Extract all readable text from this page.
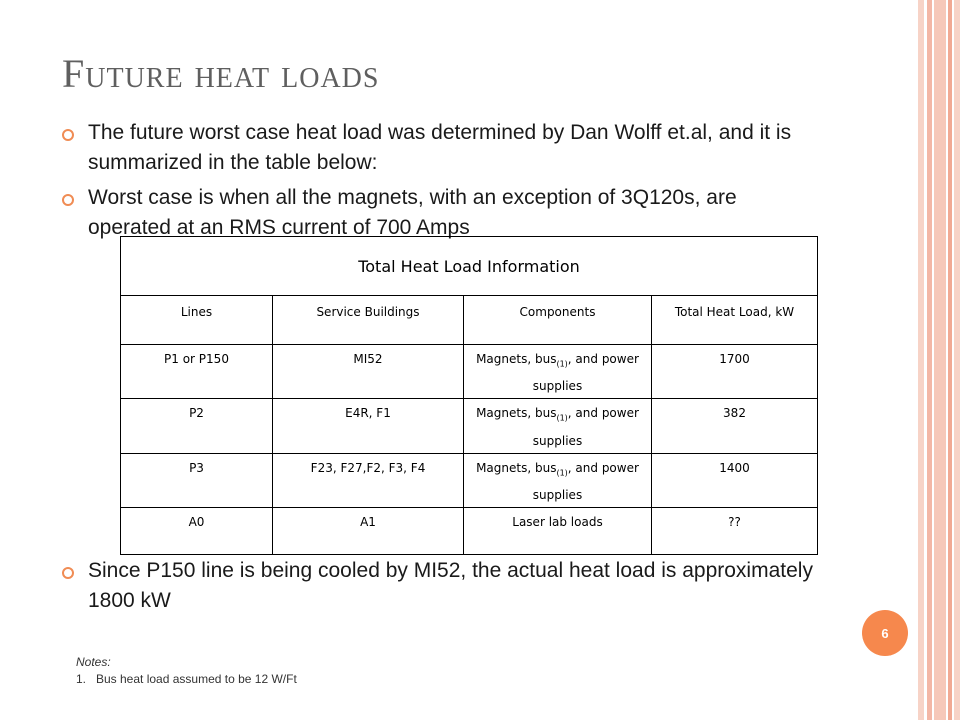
Future heat loads
The future worst case heat load was determined by Dan Wolff et.al, and it is summarized in the table below:
Worst case is when all the magnets, with an exception of 3Q120s, are operated at an RMS current of 700 Amps
Total Heat Load Information			
Lines	Service Buildings	Components	Total Heat Load, kW
P1 or P150	MI52	Magnets, bus$_{(1)}$, and power supplies	1700
P2	E4R, F1	Magnets, bus$_{(1)}$, and power supplies	382
P3	F23, F27,F2, F3, F4	Magnets, bus$_{(1)}$, and power supplies	1400
A0	A1	Laser lab loads	??
Since P150 line is being cooled by MI52, the actual heat load is approximately 1800 kW
6
Notes:
1. Bus heat load assumed to be 12 W/Ft
